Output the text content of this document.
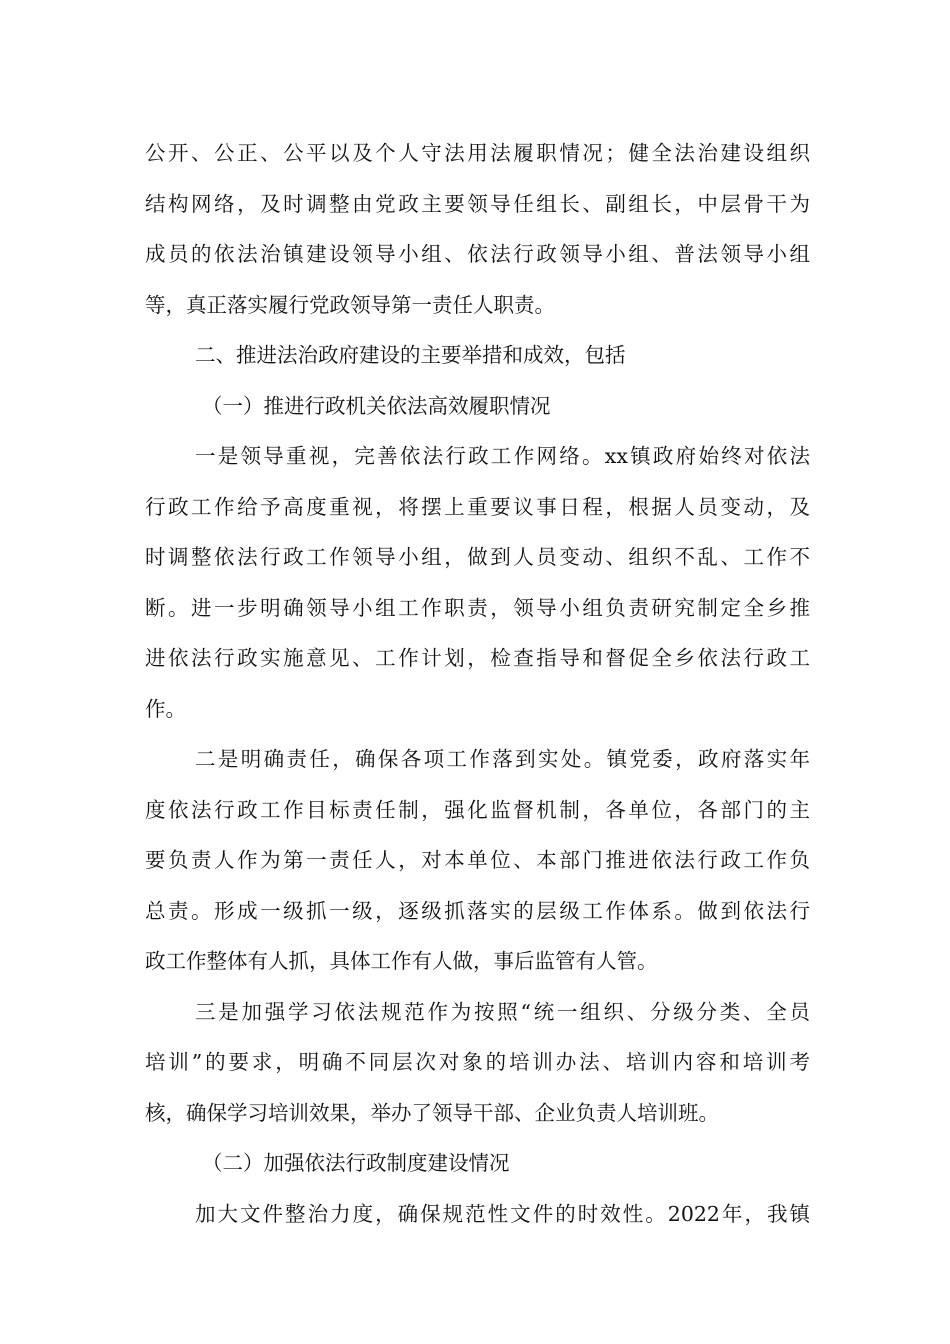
公开、公正、公平以及个人守法用法履职情况；健全法治建设组织
结构网络，及时调整由党政主要领导任组长、副组长，中层骨干为
成员的依法治镇建设领导小组、依法行政领导小组、普法领导小组
等，真正落实履行党政领导第一责任人职责。
二、推进法治政府建设的主要举措和成效，包括
（一）推进行政机关依法高效履职情况
一是领导重视，完善依法行政工作网络。xx镇政府始终对依法
行政工作给予高度重视，将摆上重要议事日程，根据人员变动，及
时调整依法行政工作领导小组，做到人员变动、组织不乱、工作不
断。进一步明确领导小组工作职责，领导小组负责研究制定全乡推
进依法行政实施意见、工作计划，检查指导和督促全乡依法行政工
作。
二是明确责任，确保各项工作落到实处。镇党委，政府落实年
度依法行政工作目标责任制，强化监督机制，各单位，各部门的主
要负责人作为第一责任人，对本单位、本部门推进依法行政工作负
总责。形成一级抓一级，逐级抓落实的层级工作体系。做到依法行
政工作整体有人抓，具体工作有人做，事后监管有人管。
三是加强学习依法规范作为按照“统一组织、分级分类、全员
培训”的要求，明确不同层次对象的培训办法、培训内容和培训考
核，确保学习培训效果，举办了领导干部、企业负责人培训班。
（二）加强依法行政制度建设情况
加大文件整治力度，确保规范性文件的时效性。2022年，我镇
